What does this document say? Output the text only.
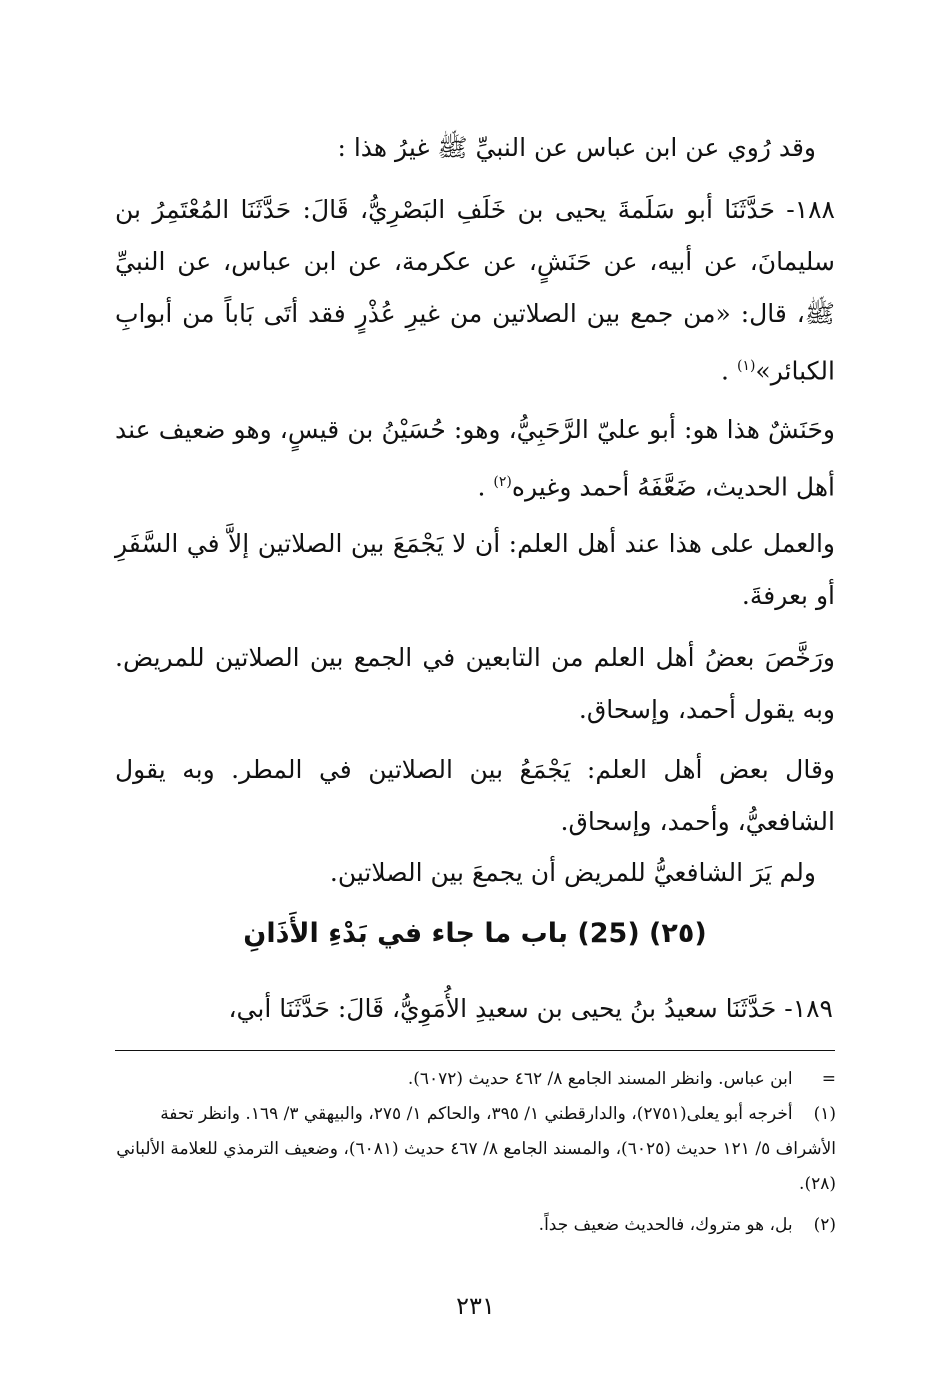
وقد رُوي عن ابن عباس عن النبيِّ ﷺ غيرُ هذا :
١٨٨- حَدَّثَنَا أبو سَلَمةَ يحيى بن خَلَفِ البَصْرِيُّ، قَالَ: حَدَّثَنَا المُعْتَمِرُ بن سليمانَ، عن أبيه، عن حَنَشٍ، عن عكرمة، عن ابن عباس، عن النبيِّ ﷺ، قال: «من جمع بين الصلاتين من غيرِ عُذْرٍ فقد أتَى بَاباً من أبوابِ الكبائر»$^{(١)}$ .
وحَنَشٌ هذا هو: أبو عليّ الرَّحَبِيُّ، وهو: حُسَيْنُ بن قيسٍ، وهو ضعيف عند أهل الحديث، ضَعَّفَهُ أحمد وغيره$^{(٢)}$ .
والعمل على هذا عند أهل العلم: أن لا يَجْمَعَ بين الصلاتين إلاَّ في السَّفَرِ أو بعرفةَ.
ورَخَّصَ بعضُ أهل العلم من التابعين في الجمع بين الصلاتين للمريض. وبه يقول أحمد، وإسحاق.
وقال بعض أهل العلم: يَجْمَعُ بين الصلاتين في المطر. وبه يقول الشافعيُّ، وأحمد، وإسحاق.
ولم يَرَ الشافعيُّ للمريض أن يجمعَ بين الصلاتين.
(٢٥) (25) باب ما جاء في بَدْءِ الأَذَانِ
١٨٩- حَدَّثَنَا سعيدُ بنُ يحيى بن سعيدِ الأُمَوِيُّ، قَالَ: حَدَّثَنَا أبي،
= ابن عباس. وانظر المسند الجامع ٨/ ٤٦٢ حديث (٦٠٧٢).
(١) أخرجه أبو يعلى(٢٧٥١)، والدارقطني ١/ ٣٩٥، والحاكم ١/ ٢٧٥، والبيهقي ٣/ ١٦٩. وانظر تحفة الأشراف ٥/ ١٢١ حديث (٦٠٢٥)، والمسند الجامع ٨/ ٤٦٧ حديث (٦٠٨١)، وضعيف الترمذي للعلامة الألباني (٢٨).
(٢) بل، هو متروك، فالحديث ضعيف جداً.
٢٣١
